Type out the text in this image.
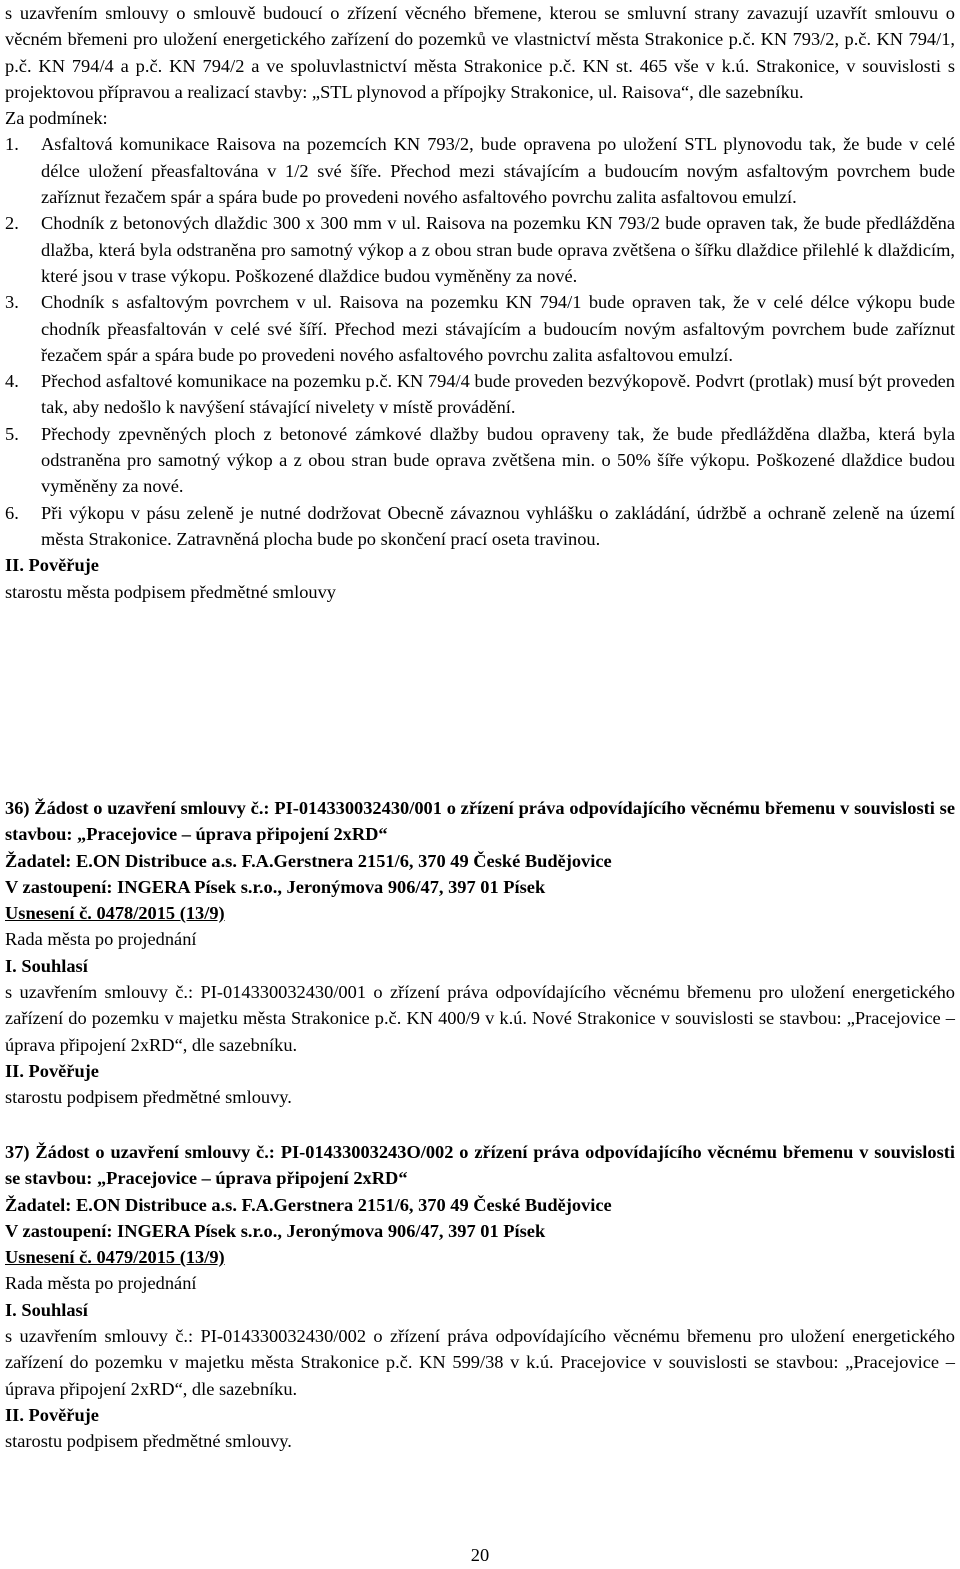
s uzavřením smlouvy o smlouvě budoucí o zřízení věcného břemene, kterou se smluvní strany zavazují uzavřít smlouvu o věcném břemeni pro uložení energetického zařízení do pozemků ve vlastnictví města Strakonice p.č. KN 793/2, p.č. KN 794/1, p.č. KN 794/4 a p.č. KN 794/2 a ve spoluvlastnictví města Strakonice p.č. KN st. 465 vše v k.ú. Strakonice, v souvislosti s projektovou přípravou a realizací stavby: „STL plynovod a přípojky Strakonice, ul. Raisova“, dle sazebníku.

Za podmínek:

1. Asfaltová komunikace Raisova na pozemcích KN 793/2, bude opravena po uložení STL plynovodu tak, že bude v celé délce uložení přeasfaltována v 1/2 své šíře. Přechod mezi stávajícím a budoucím novým asfaltovým povrchem bude zaříznut řezačem spár a spára bude po provedeni nového asfaltového povrchu zalita asfaltovou emulzí.
2. Chodník z betonových dlaždic 300 x 300 mm v ul. Raisova na pozemku KN 793/2 bude opraven tak, že bude předlážděna dlažba, která byla odstraněna pro samotný výkop a z obou stran bude oprava zvětšena o šířku dlaždice přilehlé k dlaždicím, které jsou v trase výkopu. Poškozené dlaždice budou vyměněny za nové.
3. Chodník s asfaltovým povrchem v ul. Raisova na pozemku KN 794/1 bude opraven tak, že v celé délce výkopu bude chodník přeasfaltován v celé své šíří. Přechod mezi stávajícím a budoucím novým asfaltovým povrchem bude zaříznut řezačem spár a spára bude po provedeni nového asfaltového povrchu zalita asfaltovou emulzí.
4. Přechod asfaltové komunikace na pozemku p.č. KN 794/4 bude proveden bezvýkopově. Podvrt (protlak) musí být proveden tak, aby nedošlo k navýšení stávající nivelety v místě provádění.
5. Přechody zpevněných ploch z betonové zámkové dlažby budou opraveny tak, že bude předlážděna dlažba, která byla odstraněna pro samotný výkop a z obou stran bude oprava zvětšena min. o 50% šíře výkopu. Poškozené dlaždice budou vyměněny za nové.
6. Při výkopu v pásu zeleně je nutné dodržovat Obecně závaznou vyhlášku o zakládání, údržbě a ochraně zeleně na území města Strakonice. Zatravněná plocha bude po skončení prací oseta travinou.

II. Pověřuje

starostu města podpisem předmětné smlouvy

36) Žádost o uzavření smlouvy č.: PI-014330032430/001 o zřízení práva odpovídajícího věcnému břemenu v souvislosti se stavbou: „Pracejovice – úprava připojení 2xRD“

Žadatel: E.ON Distribuce a.s. F.A.Gerstnera 2151/6, 370 49 České Budějovice

V zastoupení: INGERA Písek s.r.o., Jeronýmova 906/47, 397 01 Písek

Usnesení č. 0478/2015 (13/9)

Rada města po projednání

I. Souhlasí

s uzavřením smlouvy č.: PI-014330032430/001 o zřízení práva odpovídajícího věcnému břemenu pro uložení energetického zařízení do pozemku v majetku města Strakonice p.č. KN 400/9 v k.ú. Nové Strakonice v souvislosti se stavbou: „Pracejovice – úprava připojení 2xRD“, dle sazebníku.

II. Pověřuje

starostu podpisem předmětné smlouvy.

37) Žádost o uzavření smlouvy č.: PI-01433003243O/002 o zřízení práva odpovídajícího věcnému břemenu v souvislosti se stavbou: „Pracejovice – úprava připojení 2xRD“

Žadatel: E.ON Distribuce a.s. F.A.Gerstnera 2151/6, 370 49 České Budějovice

V zastoupení: INGERA Písek s.r.o., Jeronýmova 906/47, 397 01 Písek

Usnesení č. 0479/2015 (13/9)

Rada města po projednání

I. Souhlasí

s uzavřením smlouvy č.: PI-014330032430/002 o zřízení práva odpovídajícího věcnému břemenu pro uložení energetického zařízení do pozemku v majetku města Strakonice p.č. KN 599/38 v k.ú. Pracejovice v souvislosti se stavbou: „Pracejovice – úprava připojení 2xRD“, dle sazebníku.

II. Pověřuje

starostu podpisem předmětné smlouvy.

20
